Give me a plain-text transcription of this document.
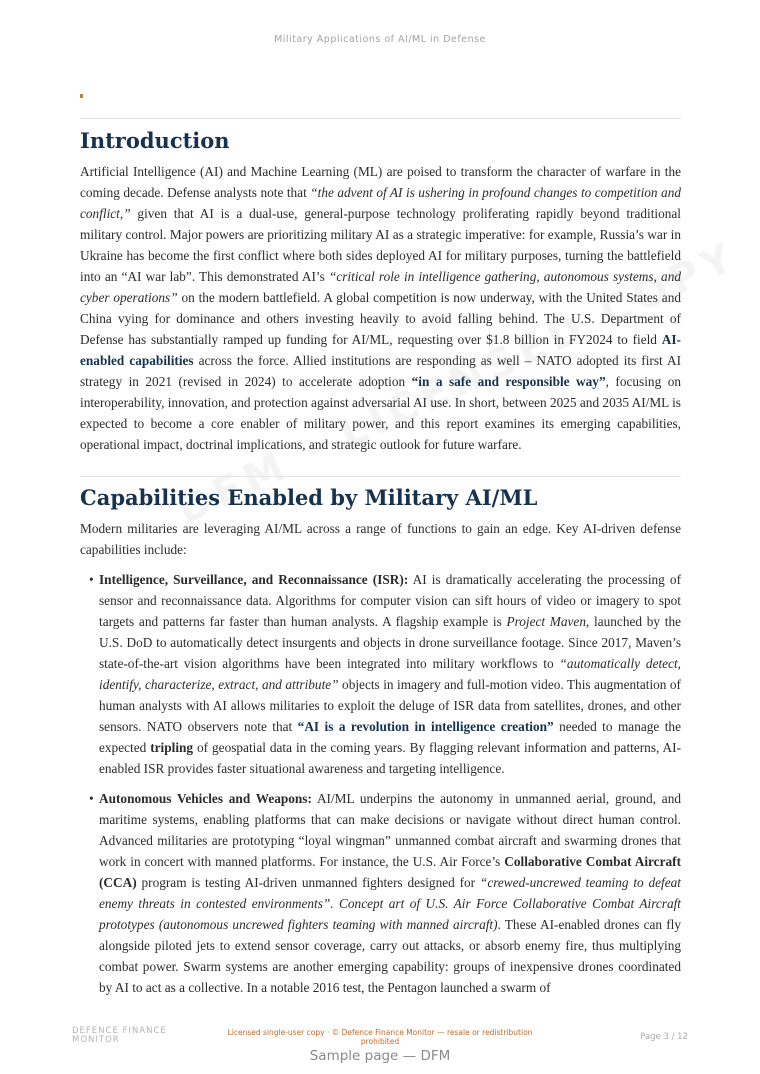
Military Applications of AI/ML in Defense
Introduction

Artificial Intelligence (AI) and Machine Learning (ML) are poised to transform the character of warfare in the coming decade. Defense analysts note that “the advent of AI is ushering in profound changes to competition and conflict,” given that AI is a dual-use, general-purpose technology proliferating rapidly beyond traditional military control. Major powers are prioritizing military AI as a strategic imperative: for example, Russia’s war in Ukraine has become the first conflict where both sides deployed AI for military purposes, turning the battlefield into an “AI war lab”. This demonstrated AI’s “critical role in intelligence gathering, autonomous systems, and cyber operations” on the modern battlefield. A global competition is now underway, with the United States and China vying for dominance and others investing heavily to avoid falling behind. The U.S. Department of Defense has substantially ramped up funding for AI/ML, requesting over $1.8 billion in FY2024 to field AI-enabled capabilities across the force. Allied institutions are responding as well – NATO adopted its first AI strategy in 2021 (revised in 2024) to accelerate adoption “in a safe and responsible way”, focusing on interoperability, innovation, and protection against adversarial AI use. In short, between 2025 and 2035 AI/ML is expected to become a core enabler of military power, and this report examines its emerging capabilities, operational impact, doctrinal implications, and strategic outlook for future warfare.

Capabilities Enabled by Military AI/ML

Modern militaries are leveraging AI/ML across a range of functions to gain an edge. Key AI-driven defense capabilities include:

• Intelligence, Surveillance, and Reconnaissance (ISR): AI is dramatically accelerating the processing of sensor and reconnaissance data. Algorithms for computer vision can sift hours of video or imagery to spot targets and patterns far faster than human analysts. A flagship example is Project Maven, launched by the U.S. DoD to automatically detect insurgents and objects in drone surveillance footage. Since 2017, Maven’s state-of-the-art vision algorithms have been integrated into military workflows to “automatically detect, identify, characterize, extract, and attribute” objects in imagery and full-motion video. This augmentation of human analysts with AI allows militaries to exploit the deluge of ISR data from satellites, drones, and other sensors. NATO observers note that “AI is a revolution in intelligence creation” needed to manage the expected tripling of geospatial data in the coming years. By flagging relevant information and patterns, AI-enabled ISR provides faster situational awareness and targeting intelligence.
• Autonomous Vehicles and Weapons: AI/ML underpins the autonomy in unmanned aerial, ground, and maritime systems, enabling platforms that can make decisions or navigate without direct human control. Advanced militaries are prototyping “loyal wingman” unmanned combat aircraft and swarming drones that work in concert with manned platforms. For instance, the U.S. Air Force’s Collaborative Combat Aircraft (CCA) program is testing AI-driven unmanned fighters designed for “crewed-uncrewed teaming to defeat enemy threats in contested environments”. Concept art of U.S. Air Force Collaborative Combat Aircraft prototypes (autonomous uncrewed fighters teaming with manned aircraft). These AI-enabled drones can fly alongside piloted jets to extend sensor coverage, carry out attacks, or absorb enemy fire, thus multiplying combat power. Swarm systems are another emerging capability: groups of inexpensive drones coordinated by AI to act as a collective. In a notable 2016 test, the Pentagon launched a swarm of
DEFENCE FINANCE
MONITOR
Licensed single-user copy · © Defence Finance Monitor — resale or redistribution prohibited	Page 3 / 12
Sample page — DFM
